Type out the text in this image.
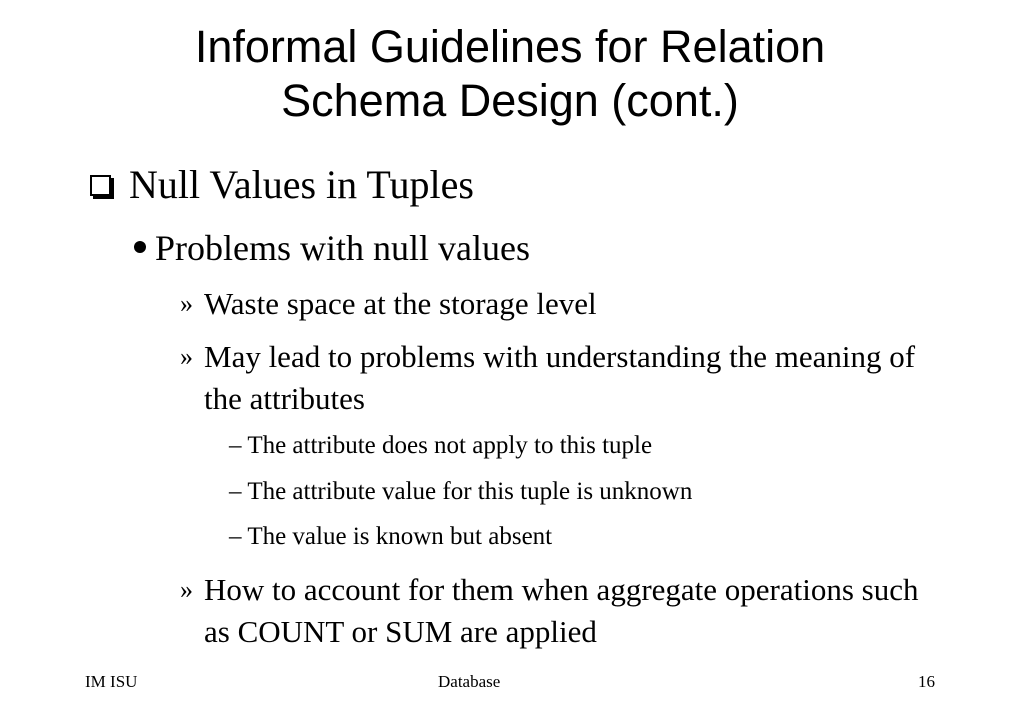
Informal Guidelines for Relation
Schema Design (cont.)
Null Values in Tuples
Problems with null values
» Waste space at the storage level
» May lead to problems with understanding the meaning of the attributes
– The attribute does not apply to this tuple
– The attribute value for this tuple is unknown
– The value is known but absent
» How to account for them when aggregate operations such as COUNT or SUM are applied
IM ISU	Database	16
